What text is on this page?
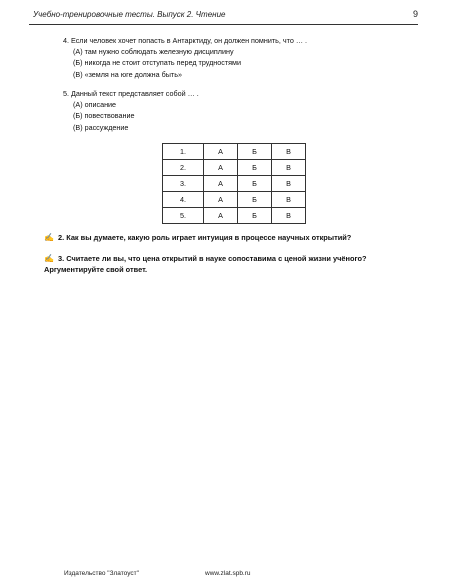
Учебно-тренировочные тесты. Выпуск 2. Чтение	9
4. Если человек хочет попасть в Антарктиду, он должен помнить, что … .
(А) там нужно соблюдать железную дисциплину
(Б) никогда не стоит отступать перед трудностями
(В) «земля на юге должна быть»
5. Данный текст представляет собой … .
(А) описание
(Б) повествование
(В) рассуждение
1.	А	Б	В
2.	А	Б	В
3.	А	Б	В
4.	А	Б	В
5.	А	Б	В
✍ 2. Как вы думаете, какую роль играет интуиция в процессе научных открытий?
✍ 3. Считаете ли вы, что цена открытий в науке сопоставима с ценой жизни учёного? Аргументируйте свой ответ.
Издательство "Златоуст"	www.zlat.spb.ru
